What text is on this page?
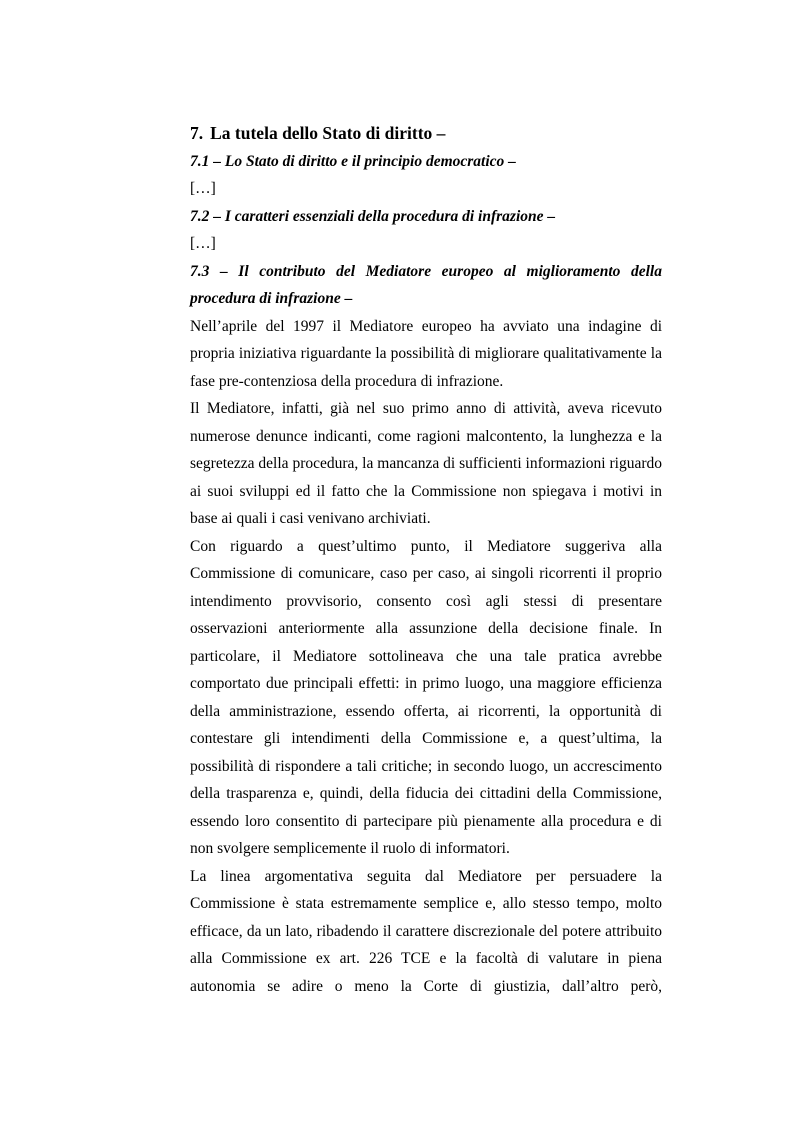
7. La tutela dello Stato di diritto –

7.1 – Lo Stato di diritto e il principio democratico –

[…]

7.2 – I caratteri essenziali della procedura di infrazione –

[…]

7.3 – Il contributo del Mediatore europeo al miglioramento della procedura di infrazione –

Nell’aprile del 1997 il Mediatore europeo ha avviato una indagine di propria iniziativa riguardante la possibilità di migliorare qualitativamente la fase pre-contenziosa della procedura di infrazione.

Il Mediatore, infatti, già nel suo primo anno di attività, aveva ricevuto numerose denunce indicanti, come ragioni malcontento, la lunghezza e la segretezza della procedura, la mancanza di sufficienti informazioni riguardo ai suoi sviluppi ed il fatto che la Commissione non spiegava i motivi in base ai quali i casi venivano archiviati.

Con riguardo a quest’ultimo punto, il Mediatore suggeriva alla Commissione di comunicare, caso per caso, ai singoli ricorrenti il proprio intendimento provvisorio, consento così agli stessi di presentare osservazioni anteriormente alla assunzione della decisione finale. In particolare, il Mediatore sottolineava che una tale pratica avrebbe comportato due principali effetti: in primo luogo, una maggiore efficienza della amministrazione, essendo offerta, ai ricorrenti, la opportunità di contestare gli intendimenti della Commissione e, a quest’ultima, la possibilità di rispondere a tali critiche; in secondo luogo, un accrescimento della trasparenza e, quindi, della fiducia dei cittadini della Commissione, essendo loro consentito di partecipare più pienamente alla procedura e di non svolgere semplicemente il ruolo di informatori.

La linea argomentativa seguita dal Mediatore per persuadere la Commissione è stata estremamente semplice e, allo stesso tempo, molto efficace, da un lato, ribadendo il carattere discrezionale del potere attribuito alla Commissione ex art. 226 TCE e la facoltà di valutare in piena autonomia se adire o meno la Corte di giustizia, dall’altro però,
